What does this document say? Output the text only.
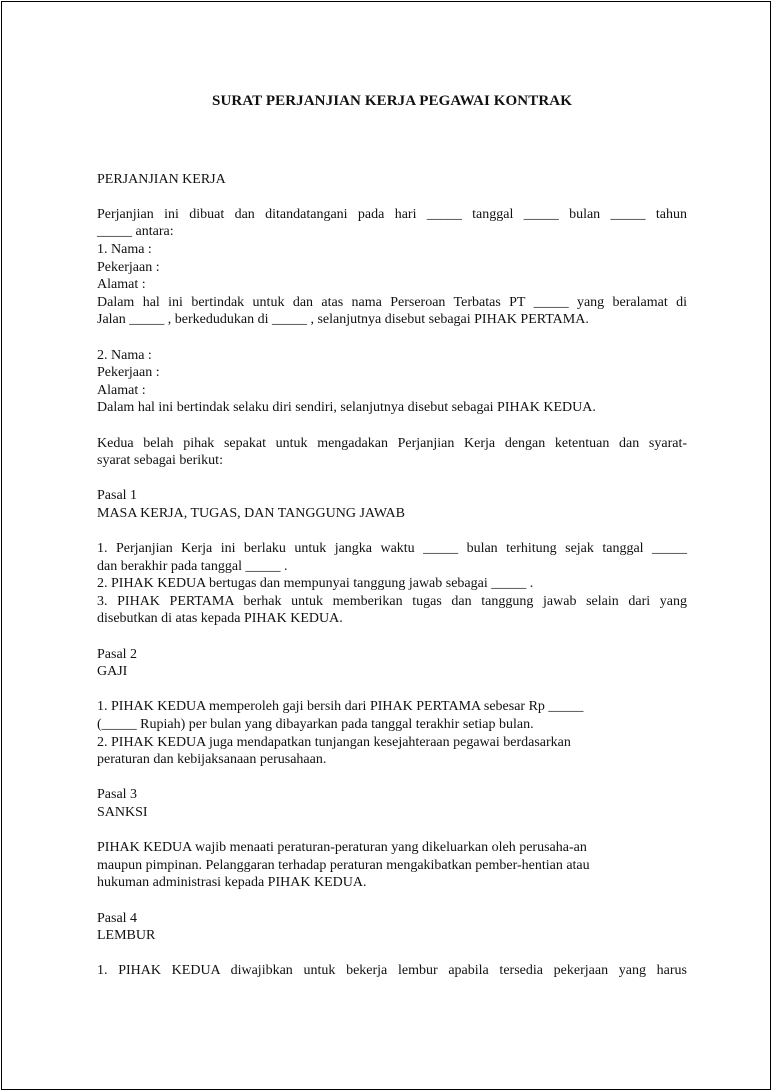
SURAT PERJANJIAN KERJA PEGAWAI KONTRAK

PERJANJIAN KERJA

Perjanjian ini dibuat dan ditandatangani pada hari _____ tanggal _____ bulan _____ tahun

_____ antara:

1. Nama :

Pekerjaan :

Alamat :

Dalam hal ini bertindak untuk dan atas nama Perseroan Terbatas PT _____ yang beralamat di

Jalan _____ , berkedudukan di _____ , selanjutnya disebut sebagai PIHAK PERTAMA.

2. Nama :

Pekerjaan :

Alamat :

Dalam hal ini bertindak selaku diri sendiri, selanjutnya disebut sebagai PIHAK KEDUA.

Kedua belah pihak sepakat untuk mengadakan Perjanjian Kerja dengan ketentuan dan syarat-

syarat sebagai berikut:

Pasal 1

MASA KERJA, TUGAS, DAN TANGGUNG JAWAB

1. Perjanjian Kerja ini berlaku untuk jangka waktu _____ bulan terhitung sejak tanggal _____

dan berakhir pada tanggal _____ .

2. PIHAK KEDUA bertugas dan mempunyai tanggung jawab sebagai _____ .

3. PIHAK PERTAMA berhak untuk memberikan tugas dan tanggung jawab selain dari yang

disebutkan di atas kepada PIHAK KEDUA.

Pasal 2

GAJI

1. PIHAK KEDUA memperoleh gaji bersih dari PIHAK PERTAMA sebesar Rp _____

(_____ Rupiah) per bulan yang dibayarkan pada tanggal terakhir setiap bulan.

2. PIHAK KEDUA juga mendapatkan tunjangan kesejahteraan pegawai berdasarkan

peraturan dan kebijaksanaan perusahaan.

Pasal 3

SANKSI

PIHAK KEDUA wajib menaati peraturan-peraturan yang dikeluarkan oleh perusaha-an

maupun pimpinan. Pelanggaran terhadap peraturan mengakibatkan pember-hentian atau

hukuman administrasi kepada PIHAK KEDUA.

Pasal 4

LEMBUR

1. PIHAK KEDUA diwajibkan untuk bekerja lembur apabila tersedia pekerjaan yang harus
